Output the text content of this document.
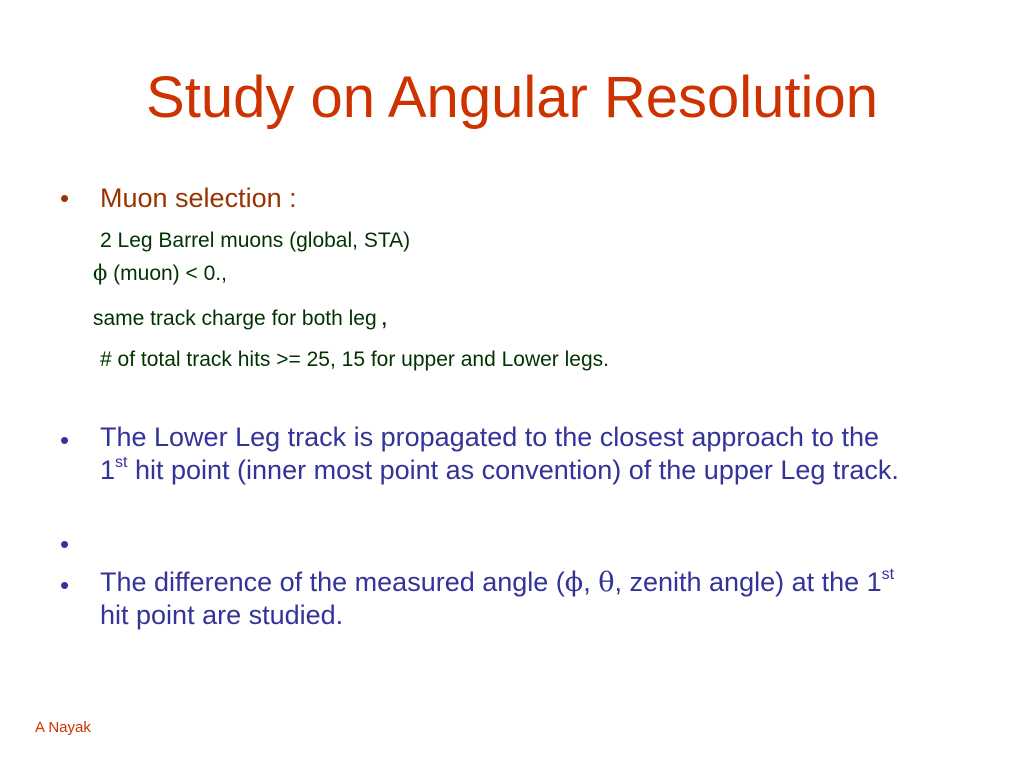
Study on Angular Resolution
• Muon selection :
2 Leg Barrel muons (global, STA)
ϕ (muon) < 0.,
same track charge for both leg ,
# of total track hits >= 25, 15 for upper and Lower legs.
• The Lower Leg track is propagated to the closest approach to the 1st hit point (inner most point as convention) of the upper Leg track.
•
• The difference of the measured angle (ϕ, θ, zenith angle) at the 1st hit point are studied.
A Nayak
